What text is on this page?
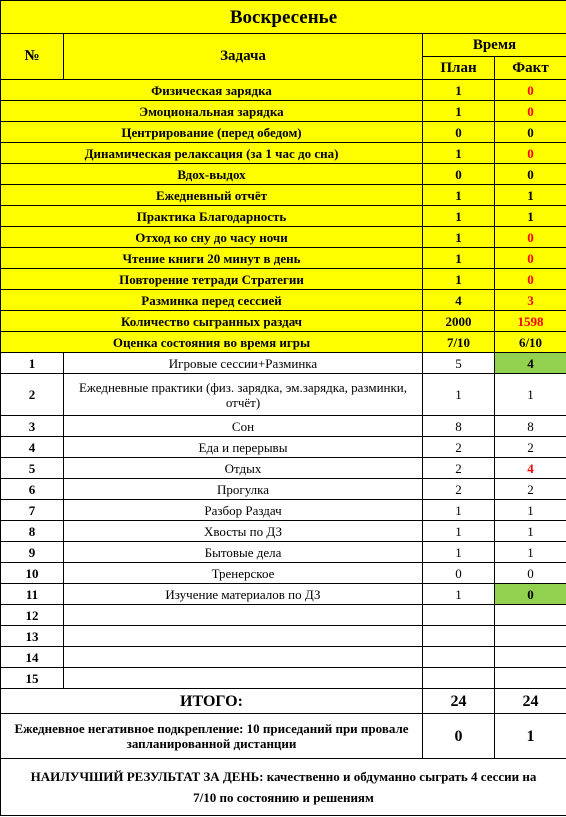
Воскресенье			
№	Задача	Время	
		План	Факт
Физическая зарядка		1	0
Эмоциональная зарядка		1	0
Центрирование (перед обедом)		0	0
Динамическая релаксация (за 1 час до сна)		1	0
Вдох-выдох		0	0
Ежедневный отчёт		1	1
Практика Благодарность		1	1
Отход ко сну до часу ночи		1	0
Чтение книги 20 минут в день		1	0
Повторение тетради Стратегии		1	0
Разминка перед сессией		4	3
Количество сыгранных раздач		2000	1598
Оценка состояния во время игры		7/10	6/10
1	Игровые сессии+Разминка	5	4
2	Ежедневные практики (физ. зарядка, эм.зарядка, разминки, отчёт)	1	1
3	Сон	8	8
4	Еда и перерывы	2	2
5	Отдых	2	4
6	Прогулка	2	2
7	Разбор Раздач	1	1
8	Хвосты по ДЗ	1	1
9	Бытовые дела	1	1
10	Тренерское	0	0
11	Изучение материалов по ДЗ	1	0
12			
13			
14			
15			
ИТОГО:		24	24
Ежедневное негативное подкрепление: 10 приседаний при провале запланированной дистанции		0	1
НАИЛУЧШИЙ РЕЗУЛЬТАТ ЗА ДЕНЬ: качественно и обдуманно сыграть 4 сессии на 7/10 по состоянию и решениям			
